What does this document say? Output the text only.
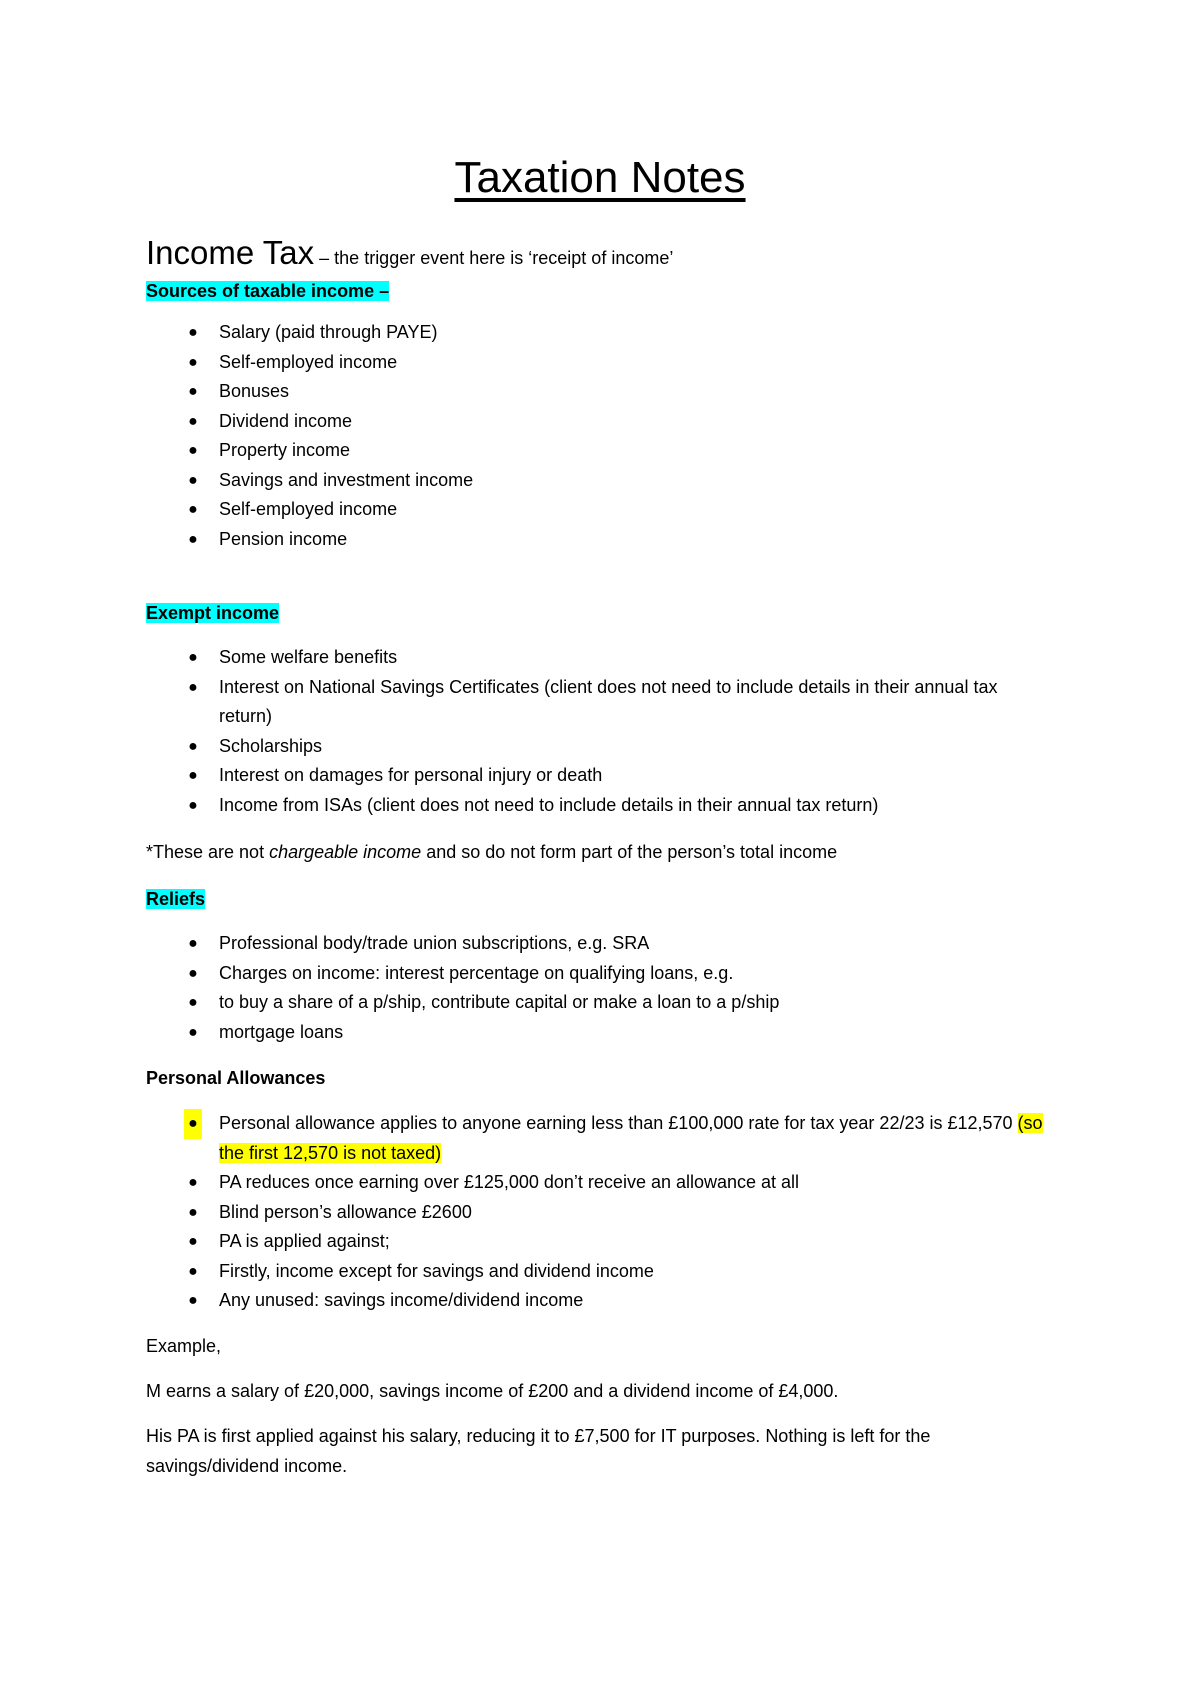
Taxation Notes

Income Tax – the trigger event here is ‘receipt of income’

Sources of taxable income –

● Salary (paid through PAYE)
● Self-employed income
● Bonuses
● Dividend income
● Property income
● Savings and investment income
● Self-employed income
● Pension income

Exempt income

● Some welfare benefits
● Interest on National Savings Certificates (client does not need to include details in their annual tax return)
● Scholarships
● Interest on damages for personal injury or death
● Income from ISAs (client does not need to include details in their annual tax return)

*These are not chargeable income and so do not form part of the person’s total income

Reliefs

● Professional body/trade union subscriptions, e.g. SRA
● Charges on income: interest percentage on qualifying loans, e.g.
● to buy a share of a p/ship, contribute capital or make a loan to a p/ship
● mortgage loans

Personal Allowances

● Personal allowance applies to anyone earning less than £100,000 rate for tax year 22/23 is £12,570 (so the first 12,570 is not taxed)
● PA reduces once earning over £125,000 don’t receive an allowance at all
● Blind person’s allowance £2600
● PA is applied against;
● Firstly, income except for savings and dividend income
● Any unused: savings income/dividend income

Example,

M earns a salary of £20,000, savings income of £200 and a dividend income of £4,000.

His PA is first applied against his salary, reducing it to £7,500 for IT purposes. Nothing is left for the savings/dividend income.
